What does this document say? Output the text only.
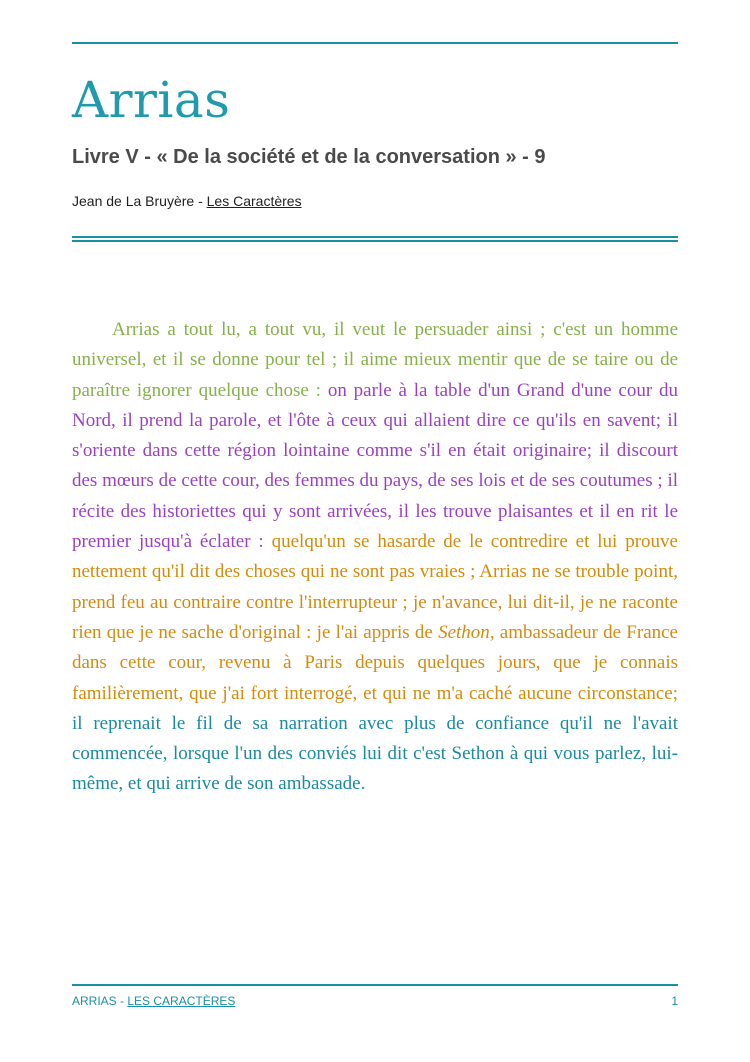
Arrias
Livre V - « De la société et de la conversation » - 9

Jean de La Bruyère - Les Caractères

Arrias a tout lu, a tout vu, il veut le persuader ainsi ; c'est un homme universel, et il se donne pour tel ; il aime mieux mentir que de se taire ou de paraître ignorer quelque chose : on parle à la table d'un Grand d'une cour du Nord, il prend la parole, et l'ôte à ceux qui allaient dire ce qu'ils en savent; il s'oriente dans cette région lointaine comme s'il en était originaire; il discourt des mœurs de cette cour, des femmes du pays, de ses lois et de ses coutumes ; il récite des historiettes qui y sont arrivées, il les trouve plaisantes et il en rit le premier jusqu'à éclater : quelqu'un se hasarde de le contredire et lui prouve nettement qu'il dit des choses qui ne sont pas vraies ; Arrias ne se trouble point, prend feu au contraire contre l'interrupteur ; je n'avance, lui dit-il, je ne raconte rien que je ne sache d'original : je l'ai appris de Sethon, ambassadeur de France dans cette cour, revenu à Paris depuis quelques jours, que je connais familièrement, que j'ai fort interrogé, et qui ne m'a caché aucune circonstance; il reprenait le fil de sa narration avec plus de confiance qu'il ne l'avait commencée, lorsque l'un des conviés lui dit c'est Sethon à qui vous parlez, lui-même, et qui arrive de son ambassade.

ARRIAS - LES CARACTÈRES	1
